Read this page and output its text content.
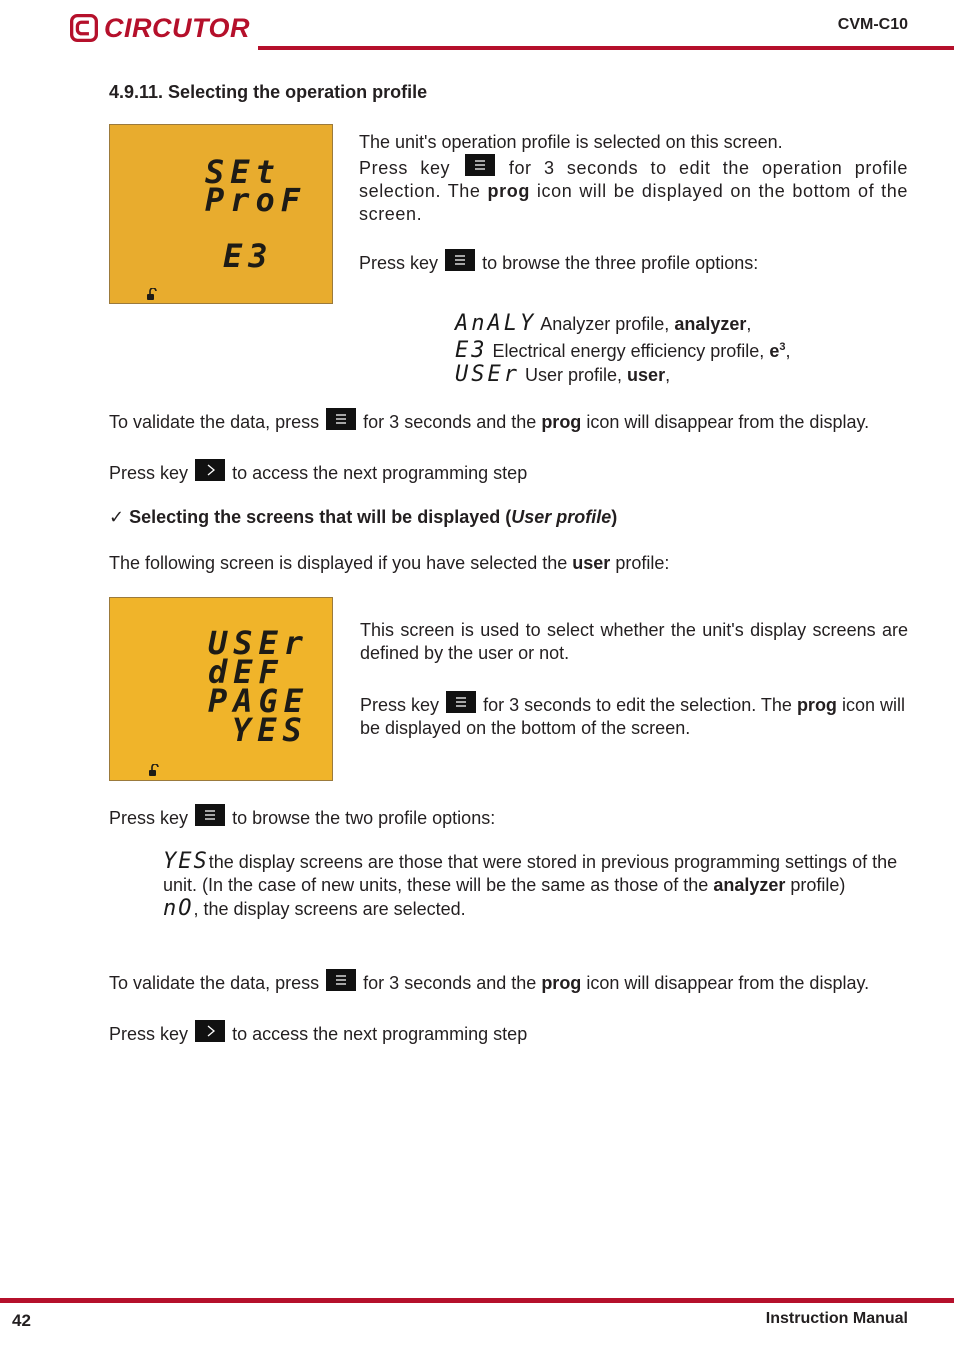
CIRCUTOR	CVM-C10
4.9.11. Selecting the operation profile
SEt
ProF
E3

The unit's operation profile is selected on this screen.

Press key	for 3 seconds to edit the operation profile selection. The prog icon will be displayed on the bottom of the screen.

Press key to browse the three profile options:

AnALY Analyzer profile, analyzer,

E3 Electrical energy efficiency profile, $e^3$,

USEr User profile, user,

To validate the data, press for 3 seconds and the prog icon will disappear from the display.

Press key to access the next programming step

✓ Selecting the screens that will be displayed (User profile)

The following screen is displayed if you have selected the user profile:

USEr
dEF
PAGE
YES

This screen is used to select whether the unit's display screens are defined by the user or not.

Press key for 3 seconds to edit the selection. The prog icon will be displayed on the bottom of the screen.

Press key to browse the two profile options:

YESthe display screens are those that were stored in previous programming settings of the unit. (In the case of new units, these will be the same as those of the analyzer profile)

nO, the display screens are selected.

To validate the data, press for 3 seconds and the prog icon will disappear from the display.

Press key to access the next programming step

42	Instruction Manual
